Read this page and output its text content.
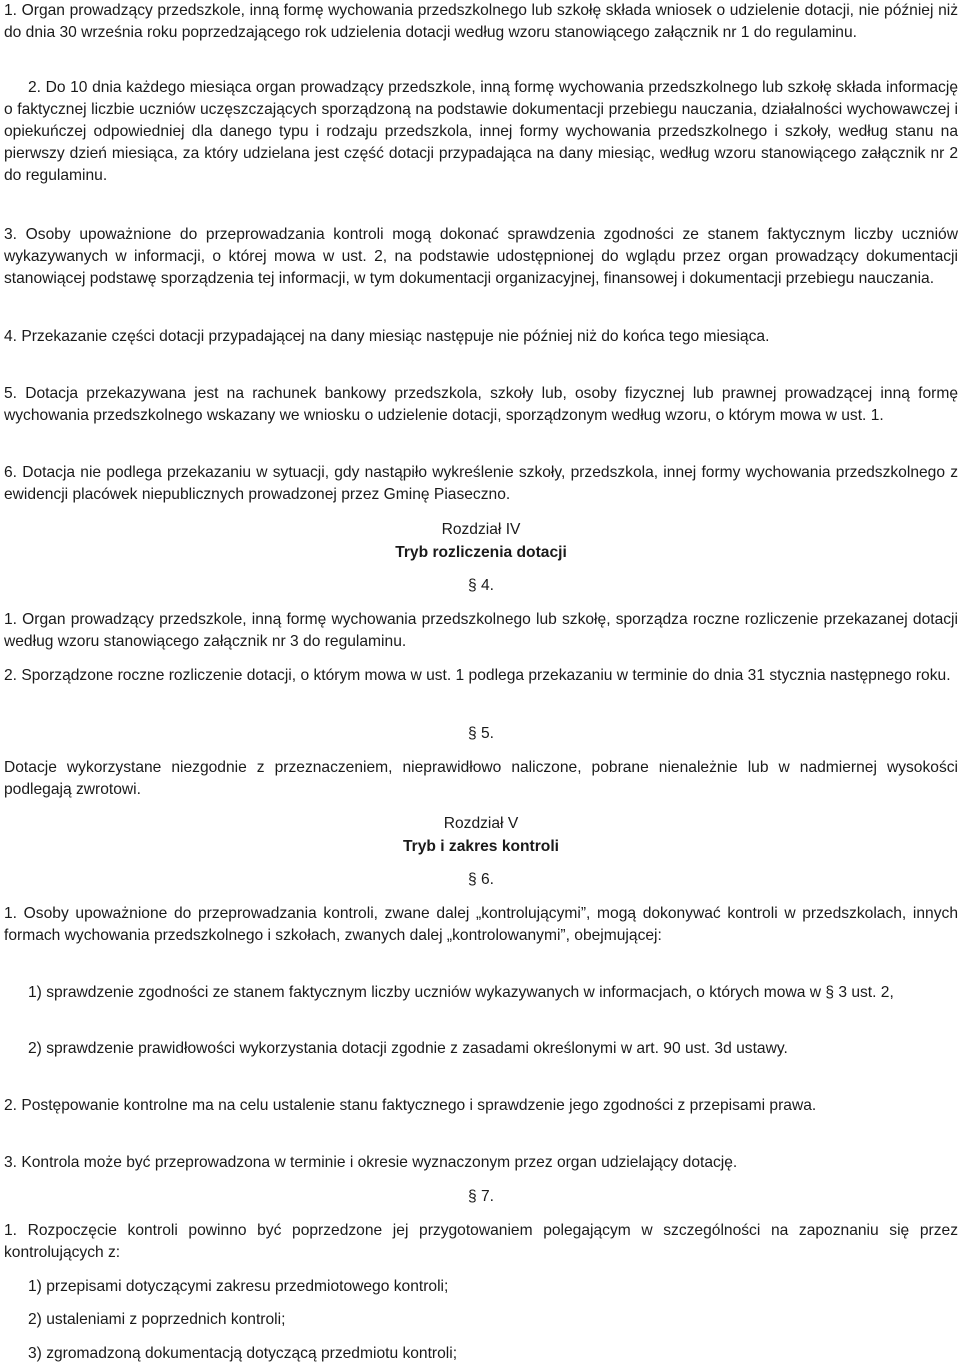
1. Organ prowadzący przedszkole, inną formę wychowania przedszkolnego lub szkołę składa wniosek o udzielenie dotacji, nie później niż do dnia 30 września roku poprzedzającego rok udzielenia dotacji według wzoru stanowiącego załącznik nr 1 do regulaminu.

2. Do 10 dnia każdego miesiąca organ prowadzący przedszkole, inną formę wychowania przedszkolnego lub szkołę składa informację o faktycznej liczbie uczniów uczęszczających sporządzoną na podstawie dokumentacji przebiegu nauczania, działalności wychowawczej i opiekuńczej odpowiedniej dla danego typu i rodzaju przedszkola, innej formy wychowania przedszkolnego i szkoły, według stanu na pierwszy dzień miesiąca, za który udzielana jest część dotacji przypadająca na dany miesiąc, według wzoru stanowiącego załącznik nr 2 do regulaminu.

3. Osoby upoważnione do przeprowadzania kontroli mogą dokonać sprawdzenia zgodności ze stanem faktycznym liczby uczniów wykazywanych w informacji, o której mowa w ust. 2, na podstawie udostępnionej do wglądu przez organ prowadzący dokumentacji stanowiącej podstawę sporządzenia tej informacji, w tym dokumentacji organizacyjnej, finansowej i dokumentacji przebiegu nauczania.

4. Przekazanie części dotacji przypadającej na dany miesiąc następuje nie później niż do końca tego miesiąca.

5. Dotacja przekazywana jest na rachunek bankowy przedszkola, szkoły lub, osoby fizycznej lub prawnej prowadzącej inną formę wychowania przedszkolnego wskazany we wniosku o udzielenie dotacji, sporządzonym według wzoru, o którym mowa w ust. 1.

6. Dotacja nie podlega przekazaniu w sytuacji, gdy nastąpiło wykreślenie szkoły, przedszkola, innej formy wychowania przedszkolnego z ewidencji placówek niepublicznych prowadzonej przez Gminę Piaseczno.

Rozdział IV

Tryb rozliczenia dotacji

§ 4.

1. Organ prowadzący przedszkole, inną formę wychowania przedszkolnego lub szkołę, sporządza roczne rozliczenie przekazanej dotacji według wzoru stanowiącego załącznik nr 3 do regulaminu.

2. Sporządzone roczne rozliczenie dotacji, o którym mowa w ust. 1 podlega przekazaniu w terminie do dnia 31 stycznia następnego roku.

§ 5.

Dotacje wykorzystane niezgodnie z przeznaczeniem, nieprawidłowo naliczone, pobrane nienależnie lub w nadmiernej wysokości podlegają zwrotowi.

Rozdział V

Tryb i zakres kontroli

§ 6.

1. Osoby upoważnione do przeprowadzania kontroli, zwane dalej „kontrolującymi”, mogą dokonywać kontroli w przedszkolach, innych formach wychowania przedszkolnego i szkołach, zwanych dalej „kontrolowanymi”, obejmującej:

1) sprawdzenie zgodności ze stanem faktycznym liczby uczniów wykazywanych w informacjach, o których mowa w § 3 ust. 2,

2) sprawdzenie prawidłowości wykorzystania dotacji zgodnie z zasadami określonymi w art. 90 ust. 3d ustawy.

2. Postępowanie kontrolne ma na celu ustalenie stanu faktycznego i sprawdzenie jego zgodności z przepisami prawa.

3. Kontrola może być przeprowadzona w terminie i okresie wyznaczonym przez organ udzielający dotację.

§ 7.

1. Rozpoczęcie kontroli powinno być poprzedzone jej przygotowaniem polegającym w szczególności na zapoznaniu się przez kontrolujących z:

1) przepisami dotyczącymi zakresu przedmiotowego kontroli;

2) ustaleniami z poprzednich kontroli;

3) zgromadzoną dokumentacją dotyczącą przedmiotu kontroli;
